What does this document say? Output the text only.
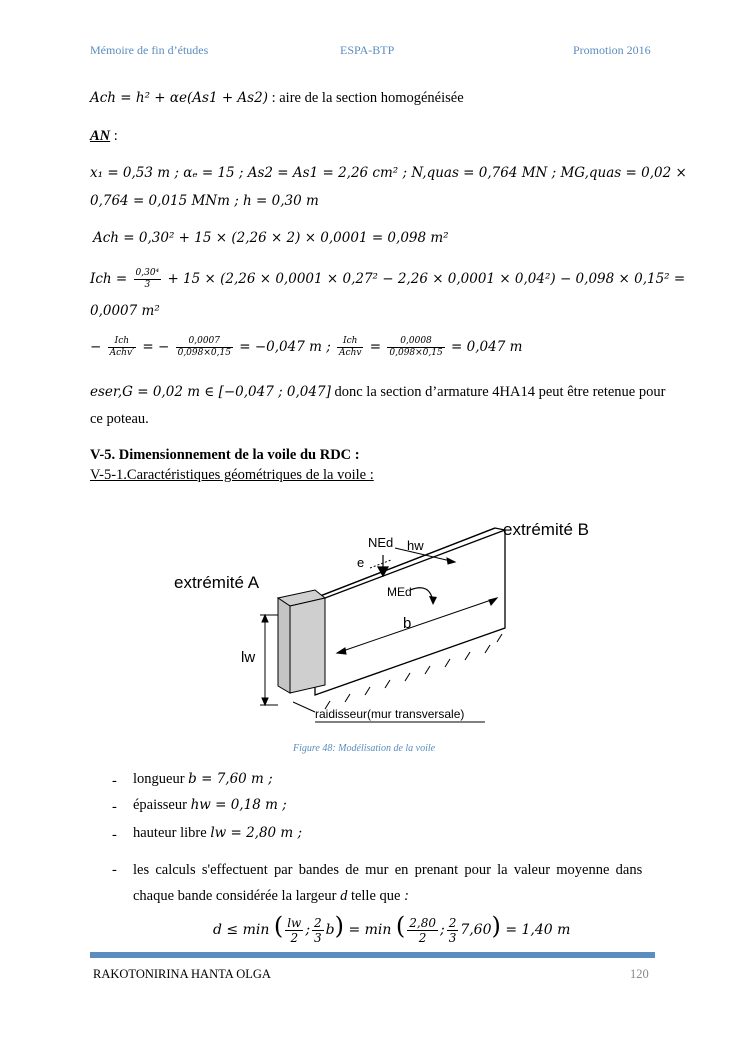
Mémoire de fin d’études	ESPA-BTP	Promotion 2016
Ach = h² + αe(As1 + As2) : aire de la section homogénéisée
AN :
x₁ = 0,53 m ; αₑ = 15 ; As2 = As1 = 2,26 cm² ; N,quas = 0,764 MN ; MG,quas = 0,02 ×
0,764 = 0,015 MNm ; h = 0,30 m
Ach = 0,30² + 15 × (2,26 × 2) × 0,0001 = 0,098 m²
Ich = $\frac{\text{0,30⁴}}{3} + 15 \times (2,26 \times 0,0001 \times 0,27^2 - 2,26 \times 0,0001 \times 0,04^2) - 0,098 \times 0,15^2$ =
0,0007 m²
− $\frac{\text{Ich}}{\text{Achv′}}$ = − $\frac{0,0007}{0,098\times 0,15} = -0,047$ m ; $\frac{\text{Ich}}{\text{Achv}} = \frac{0,0008}{0,098\times 0,15} = 0,047$ m
eser,G = 0,02 m ∈ [−0,047 ; 0,047] donc la section d’armature 4HA14 peut être retenue pour
ce poteau.
V-5. Dimensionnement de la voile du RDC :
V-5-1.Caractéristiques géométriques de la voile :
extrémité A
extrémité B
NEd hw
e
MEd
b
lw
raidisseur(mur transversale)
Figure 48: Modélisation de la voile
- longueur b = 7,60 m ;
- épaisseur hw = 0,18 m ;
- hauteur libre lw = 2,80 m ;
- les calculs s'effectuent par bandes de mur en prenant pour la valeur moyenne dans
chaque bande considérée la largeur d telle que :
d ≤ min ( $\frac{lw}{2}$ ; $\frac{2}{3} b) = \min$ ( $\frac{2,80}{2}$ ; $\frac{2}{3} 7,60) = 1,40$ m
RAKOTONIRINA HANTA OLGA	120
